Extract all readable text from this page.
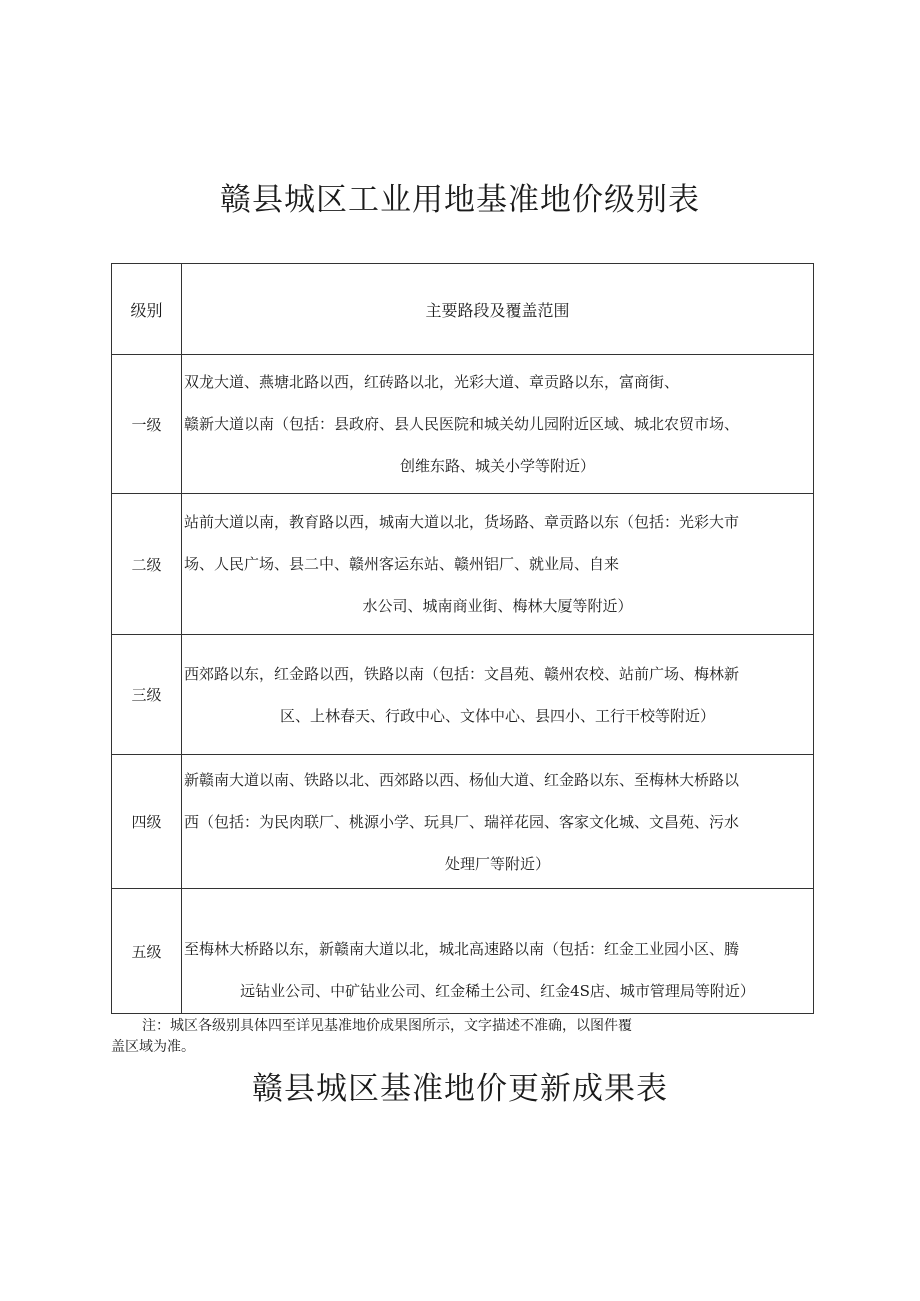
赣县城区工业用地基准地价级别表
级别	主要路段及覆盖范围
一级	双龙大道、燕塘北路以西，红砖路以北，光彩大道、章贡路以东，富商街、
赣新大道以南（包括：县政府、县人民医院和城关幼儿园附近区域、城北农贸市场、
创维东路、城关小学等附近）

二级	站前大道以南，教育路以西，城南大道以北，货场路、章贡路以东（包括：光彩大市
场、人民广场、县二中、赣州客运东站、赣州铝厂、就业局、自来
水公司、城南商业街、梅林大厦等附近）

三级	西郊路以东，红金路以西，铁路以南（包括：文昌苑、赣州农校、站前广场、梅林新
区、上林春天、行政中心、文体中心、县四小、工行干校等附近）

四级	新赣南大道以南、铁路以北、西郊路以西、杨仙大道、红金路以东、至梅林大桥路以
西（包括：为民肉联厂、桃源小学、玩具厂、瑞祥花园、客家文化城、文昌苑、污水
处理厂等附近）

五级	至梅林大桥路以东，新赣南大道以北，城北高速路以南（包括：红金工业园小区、腾
远钻业公司、中矿钻业公司、红金稀土公司、红金4S店、城市管理局等附近）
注：城区各级别具体四至详见基准地价成果图所示，文字描述不准确，以图件覆
盖区域为准。
赣县城区基准地价更新成果表
